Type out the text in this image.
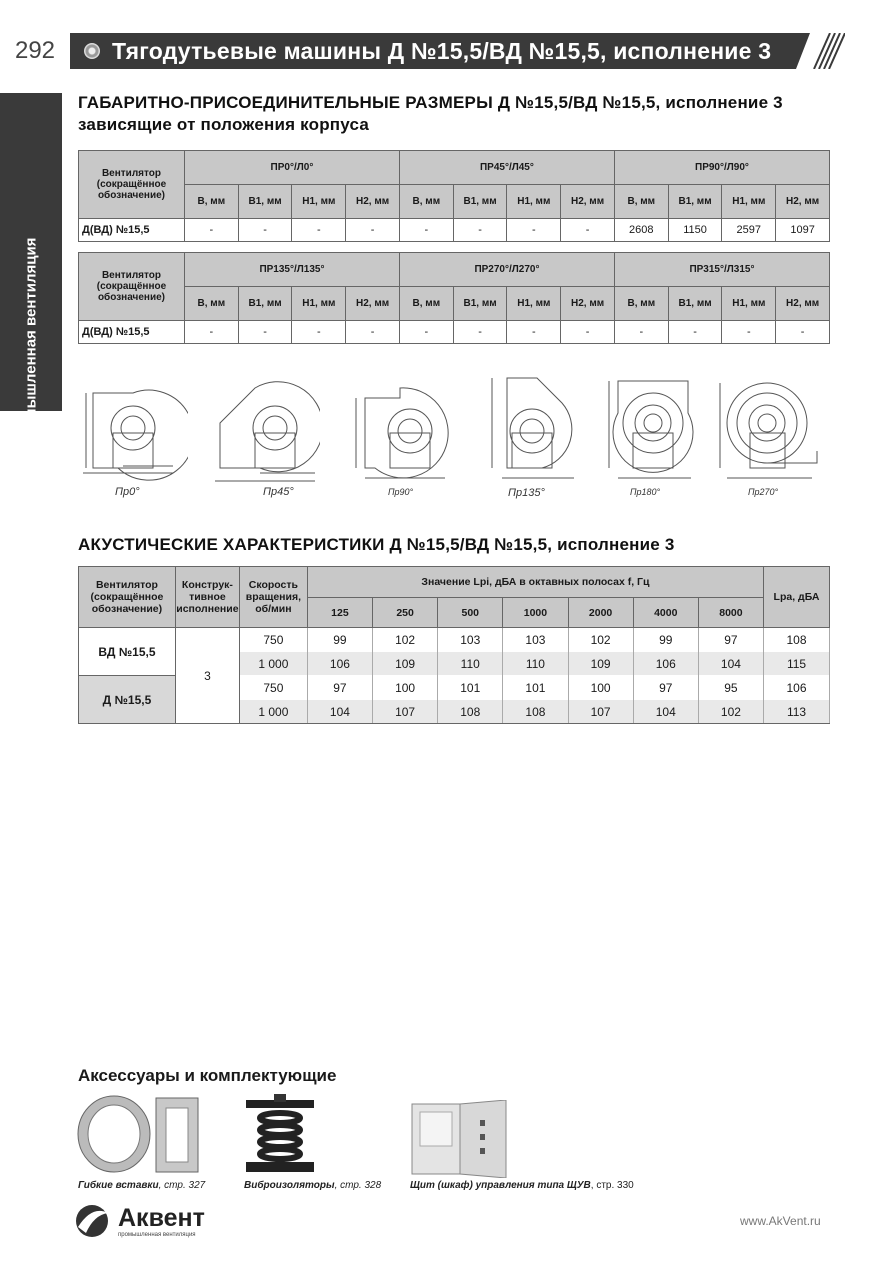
292	Тягодутьевые машины Д №15,5/ВД №15,5, исполнение 3
Промышленная вентиляция
ГАБАРИТНО-ПРИСОЕДИНИТЕЛЬНЫЕ РАЗМЕРЫ Д №15,5/ВД №15,5, исполнение 3
зависящие от положения корпуса
Вентилятор (сокращённое обозначение)	ПР0°/Л0°				ПР45°/Л45°				ПР90°/Л90°			
	B, мм	B1, мм	H1, мм	H2, мм	B, мм	B1, мм	H1, мм	H2, мм	B, мм	B1, мм	H1, мм	H2, мм
Д(ВД) №15,5	-	-	-	-	-	-	-	-	2608	1150	2597	1097
Вентилятор (сокращённое обозначение)	ПР135°/Л135°				ПР270°/Л270°				ПР315°/Л315°			
	B, мм	B1, мм	H1, мм	H2, мм	B, мм	B1, мм	H1, мм	H2, мм	B, мм	B1, мм	H1, мм	H2, мм
Д(ВД) №15,5	-	-	-	-	-	-	-	-	-	-	-	-
Пр0°	Пр45°	Пр90°	Пр135°	Пр180°	Пр270°
АКУСТИЧЕСКИЕ ХАРАКТЕРИСТИКИ Д №15,5/ВД №15,5, исполнение 3
Вентилятор (сокращённое обозначение)	Конструк-тивное исполнение	Скорость вращения, об/мин	Значение Lpi, дБА в октавных полосах f, Гц							Lpa, дБА
			125	250	500	1000	2000	4000	8000	
ВД №15,5	3	750	99	102	103	103	102	99	97	108
		1 000	106	109	110	110	109	106	104	115
Д №15,5		750	97	100	101	101	100	97	95	106
		1 000	104	107	108	108	107	104	102	113
Аксессуары и комплектующие
Гибкие вставки, стр. 327	Виброизоляторы, стр. 328	Щит (шкаф) управления типа ЩУВ, стр. 330
Аквент
промышленная вентиляция
www.AkVent.ru
